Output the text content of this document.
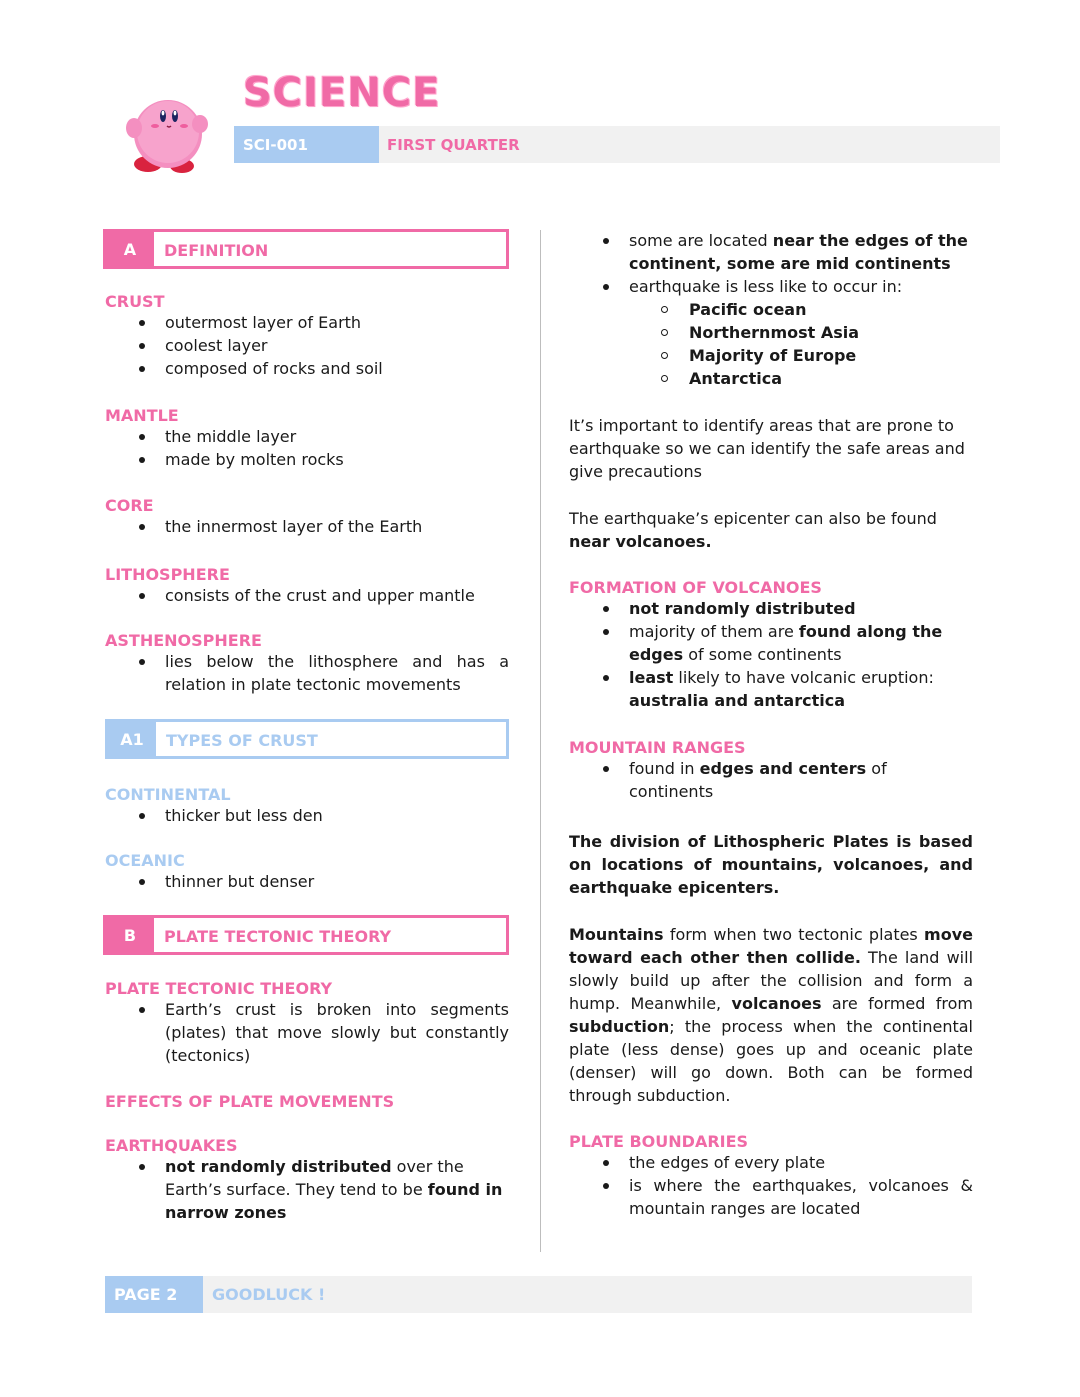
SCIENCE
SCI-001	FIRST QUARTER
A	DEFINITION
CRUST
outermost layer of Earth
coolest layer
composed of rocks and soil
MANTLE
the middle layer
made by molten rocks
CORE
the innermost layer of the Earth
LITHOSPHERE
consists of the crust and upper mantle
ASTHENOSPHERE
lies below the lithosphere and has a relation in plate tectonic movements
A1	TYPES OF CRUST
CONTINENTAL
thicker but less den
OCEANIC
thinner but denser
B	PLATE TECTONIC THEORY
PLATE TECTONIC THEORY
Earth’s crust is broken into segments (plates) that move slowly but constantly (tectonics)
EFFECTS OF PLATE MOVEMENTS
EARTHQUAKES
not randomly distributed over the Earth’s surface. They tend to be found in narrow zones
some are located near the edges of the continent, some are mid continents
earthquake is less like to occur in:
Pacific ocean
Northernmost Asia
Majority of Europe
Antarctica
It’s important to identify areas that are prone to earthquake so we can identify the safe areas and give precautions
The earthquake’s epicenter can also be found near volcanoes.
FORMATION OF VOLCANOES
not randomly distributed
majority of them are found along the edges of some continents
least likely to have volcanic eruption: australia and antarctica
MOUNTAIN RANGES
found in edges and centers of continents
The division of Lithospheric Plates is based on locations of mountains, volcanoes, and earthquake epicenters.
Mountains form when two tectonic plates move toward each other then collide. The land will slowly build up after the collision and form a hump. Meanwhile, volcanoes are formed from subduction; the process when the continental plate (less dense) goes up and oceanic plate (denser) will go down. Both can be formed through subduction.
PLATE BOUNDARIES
the edges of every plate
is where the earthquakes, volcanoes & mountain ranges are located
PAGE 2 GOODLUCK !
